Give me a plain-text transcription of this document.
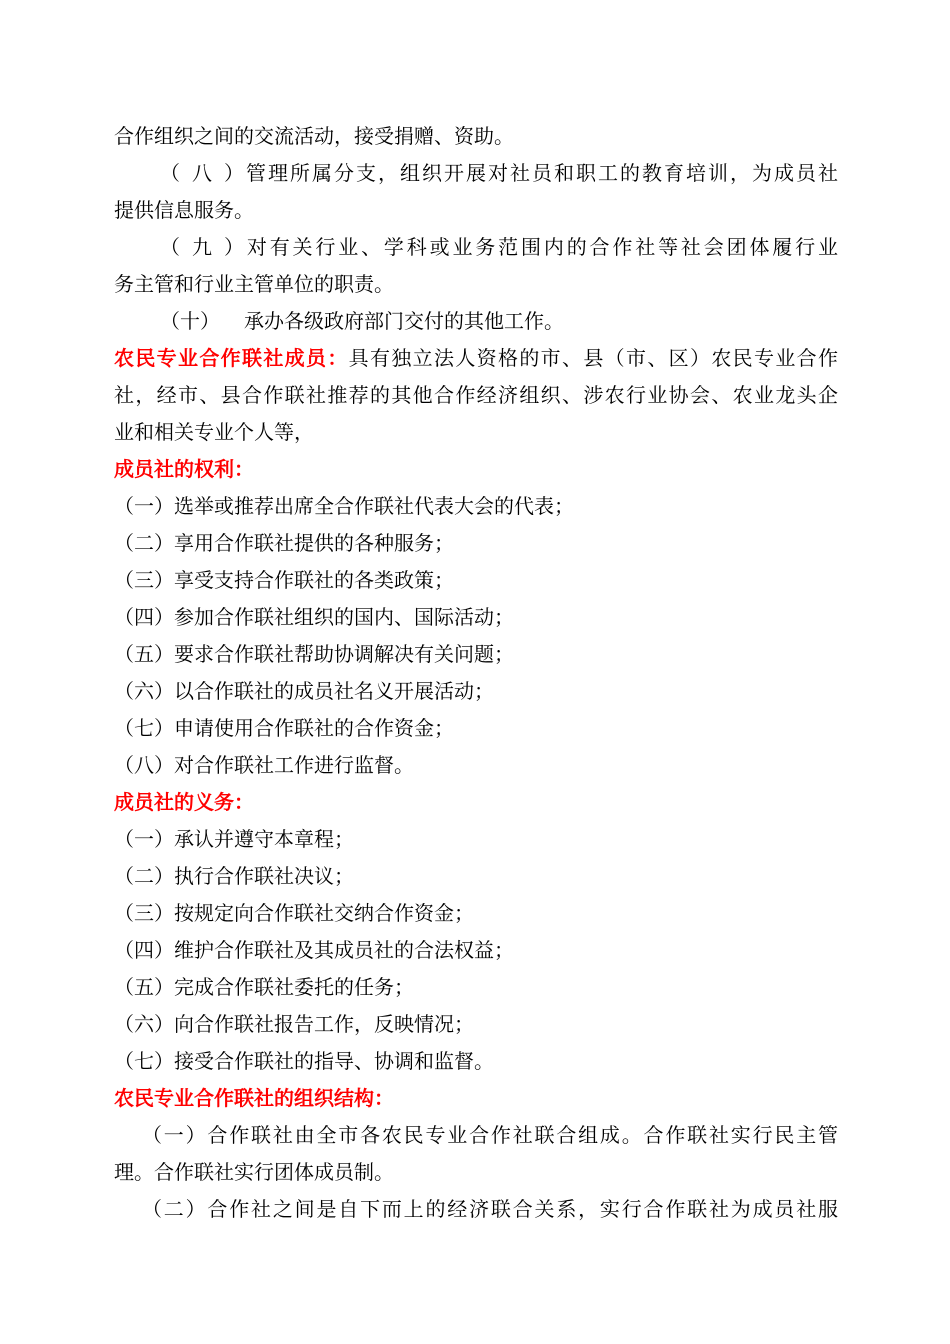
合作组织之间的交流活动，接受捐赠、资助。
（八）管理所属分支，组织开展对社员和职工的教育培训，为成员社
提供信息服务。
（九）对有关行业、学科或业务范围内的合作社等社会团体履行业
务主管和行业主管单位的职责。
（十） 承办各级政府部门交付的其他工作。
农民专业合作联社成员：具有独立法人资格的市、县（市、区）农民专业合作
社，经市、县合作联社推荐的其他合作经济组织、涉农行业协会、农业龙头企
业和相关专业个人等，
成员社的权利：
（一）选举或推荐出席全合作联社代表大会的代表；
（二）享用合作联社提供的各种服务；
（三）享受支持合作联社的各类政策；
（四）参加合作联社组织的国内、国际活动；
（五）要求合作联社帮助协调解决有关问题；
（六）以合作联社的成员社名义开展活动；
（七）申请使用合作联社的合作资金；
（八）对合作联社工作进行监督。
成员社的义务：
（一）承认并遵守本章程；
（二）执行合作联社决议；
（三）按规定向合作联社交纳合作资金；
（四）维护合作联社及其成员社的合法权益；
（五）完成合作联社委托的任务；
（六）向合作联社报告工作，反映情况；
（七）接受合作联社的指导、协调和监督。
农民专业合作联社的组织结构：
（一）合作联社由全市各农民专业合作社联合组成。合作联社实行民主管
理。合作联社实行团体成员制。
（二）合作社之间是自下而上的经济联合关系，实行合作联社为成员社服
